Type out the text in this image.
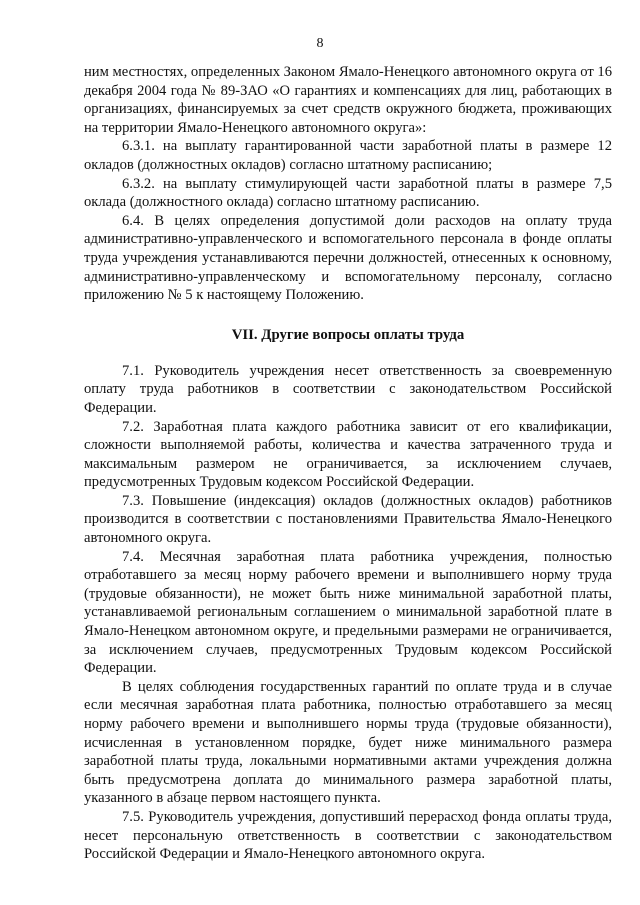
8

ним местностях, определенных Законом Ямало-Ненецкого автономного округа от 16 декабря 2004 года № 89-ЗАО «О гарантиях и компенсациях для лиц, работающих в организациях, финансируемых за счет средств окружного бюджета, проживающих на территории Ямало-Ненецкого автономного округа»:

6.3.1. на выплату гарантированной части заработной платы в размере 12 окладов (должностных окладов) согласно штатному расписанию;

6.3.2. на выплату стимулирующей части заработной платы в размере 7,5 оклада (должностного оклада) согласно штатному расписанию.

6.4. В целях определения допустимой доли расходов на оплату труда административно-управленческого и вспомогательного персонала в фонде оплаты труда учреждения устанавливаются перечни должностей, отнесенных к основному, административно-управленческому и вспомогательному персоналу, согласно приложению № 5 к настоящему Положению.

VII. Другие вопросы оплаты труда

7.1. Руководитель учреждения несет ответственность за своевременную оплату труда работников в соответствии с законодательством Российской Федерации.

7.2. Заработная плата каждого работника зависит от его квалификации, сложности выполняемой работы, количества и качества затраченного труда и максимальным размером не ограничивается, за исключением случаев, предусмотренных Трудовым кодексом Российской Федерации.

7.3. Повышение (индексация) окладов (должностных окладов) работников производится в соответствии с постановлениями Правительства Ямало-Ненецкого автономного округа.

7.4. Месячная заработная плата работника учреждения, полностью отработавшего за месяц норму рабочего времени и выполнившего норму труда (трудовые обязанности), не может быть ниже минимальной заработной платы, устанавливаемой региональным соглашением о минимальной заработной плате в Ямало-Ненецком автономном округе, и предельными размерами не ограничивается, за исключением случаев, предусмотренных Трудовым кодексом Российской Федерации.

В целях соблюдения государственных гарантий по оплате труда и в случае если месячная заработная плата работника, полностью отработавшего за месяц норму рабочего времени и выполнившего нормы труда (трудовые обязанности), исчисленная в установленном порядке, будет ниже минимального размера заработной платы труда, локальными нормативными актами учреждения должна быть предусмотрена доплата до минимального размера заработной платы, указанного в абзаце первом настоящего пункта.

7.5. Руководитель учреждения, допустивший перерасход фонда оплаты труда, несет персональную ответственность в соответствии с законодательством Российской Федерации и Ямало-Ненецкого автономного округа.
